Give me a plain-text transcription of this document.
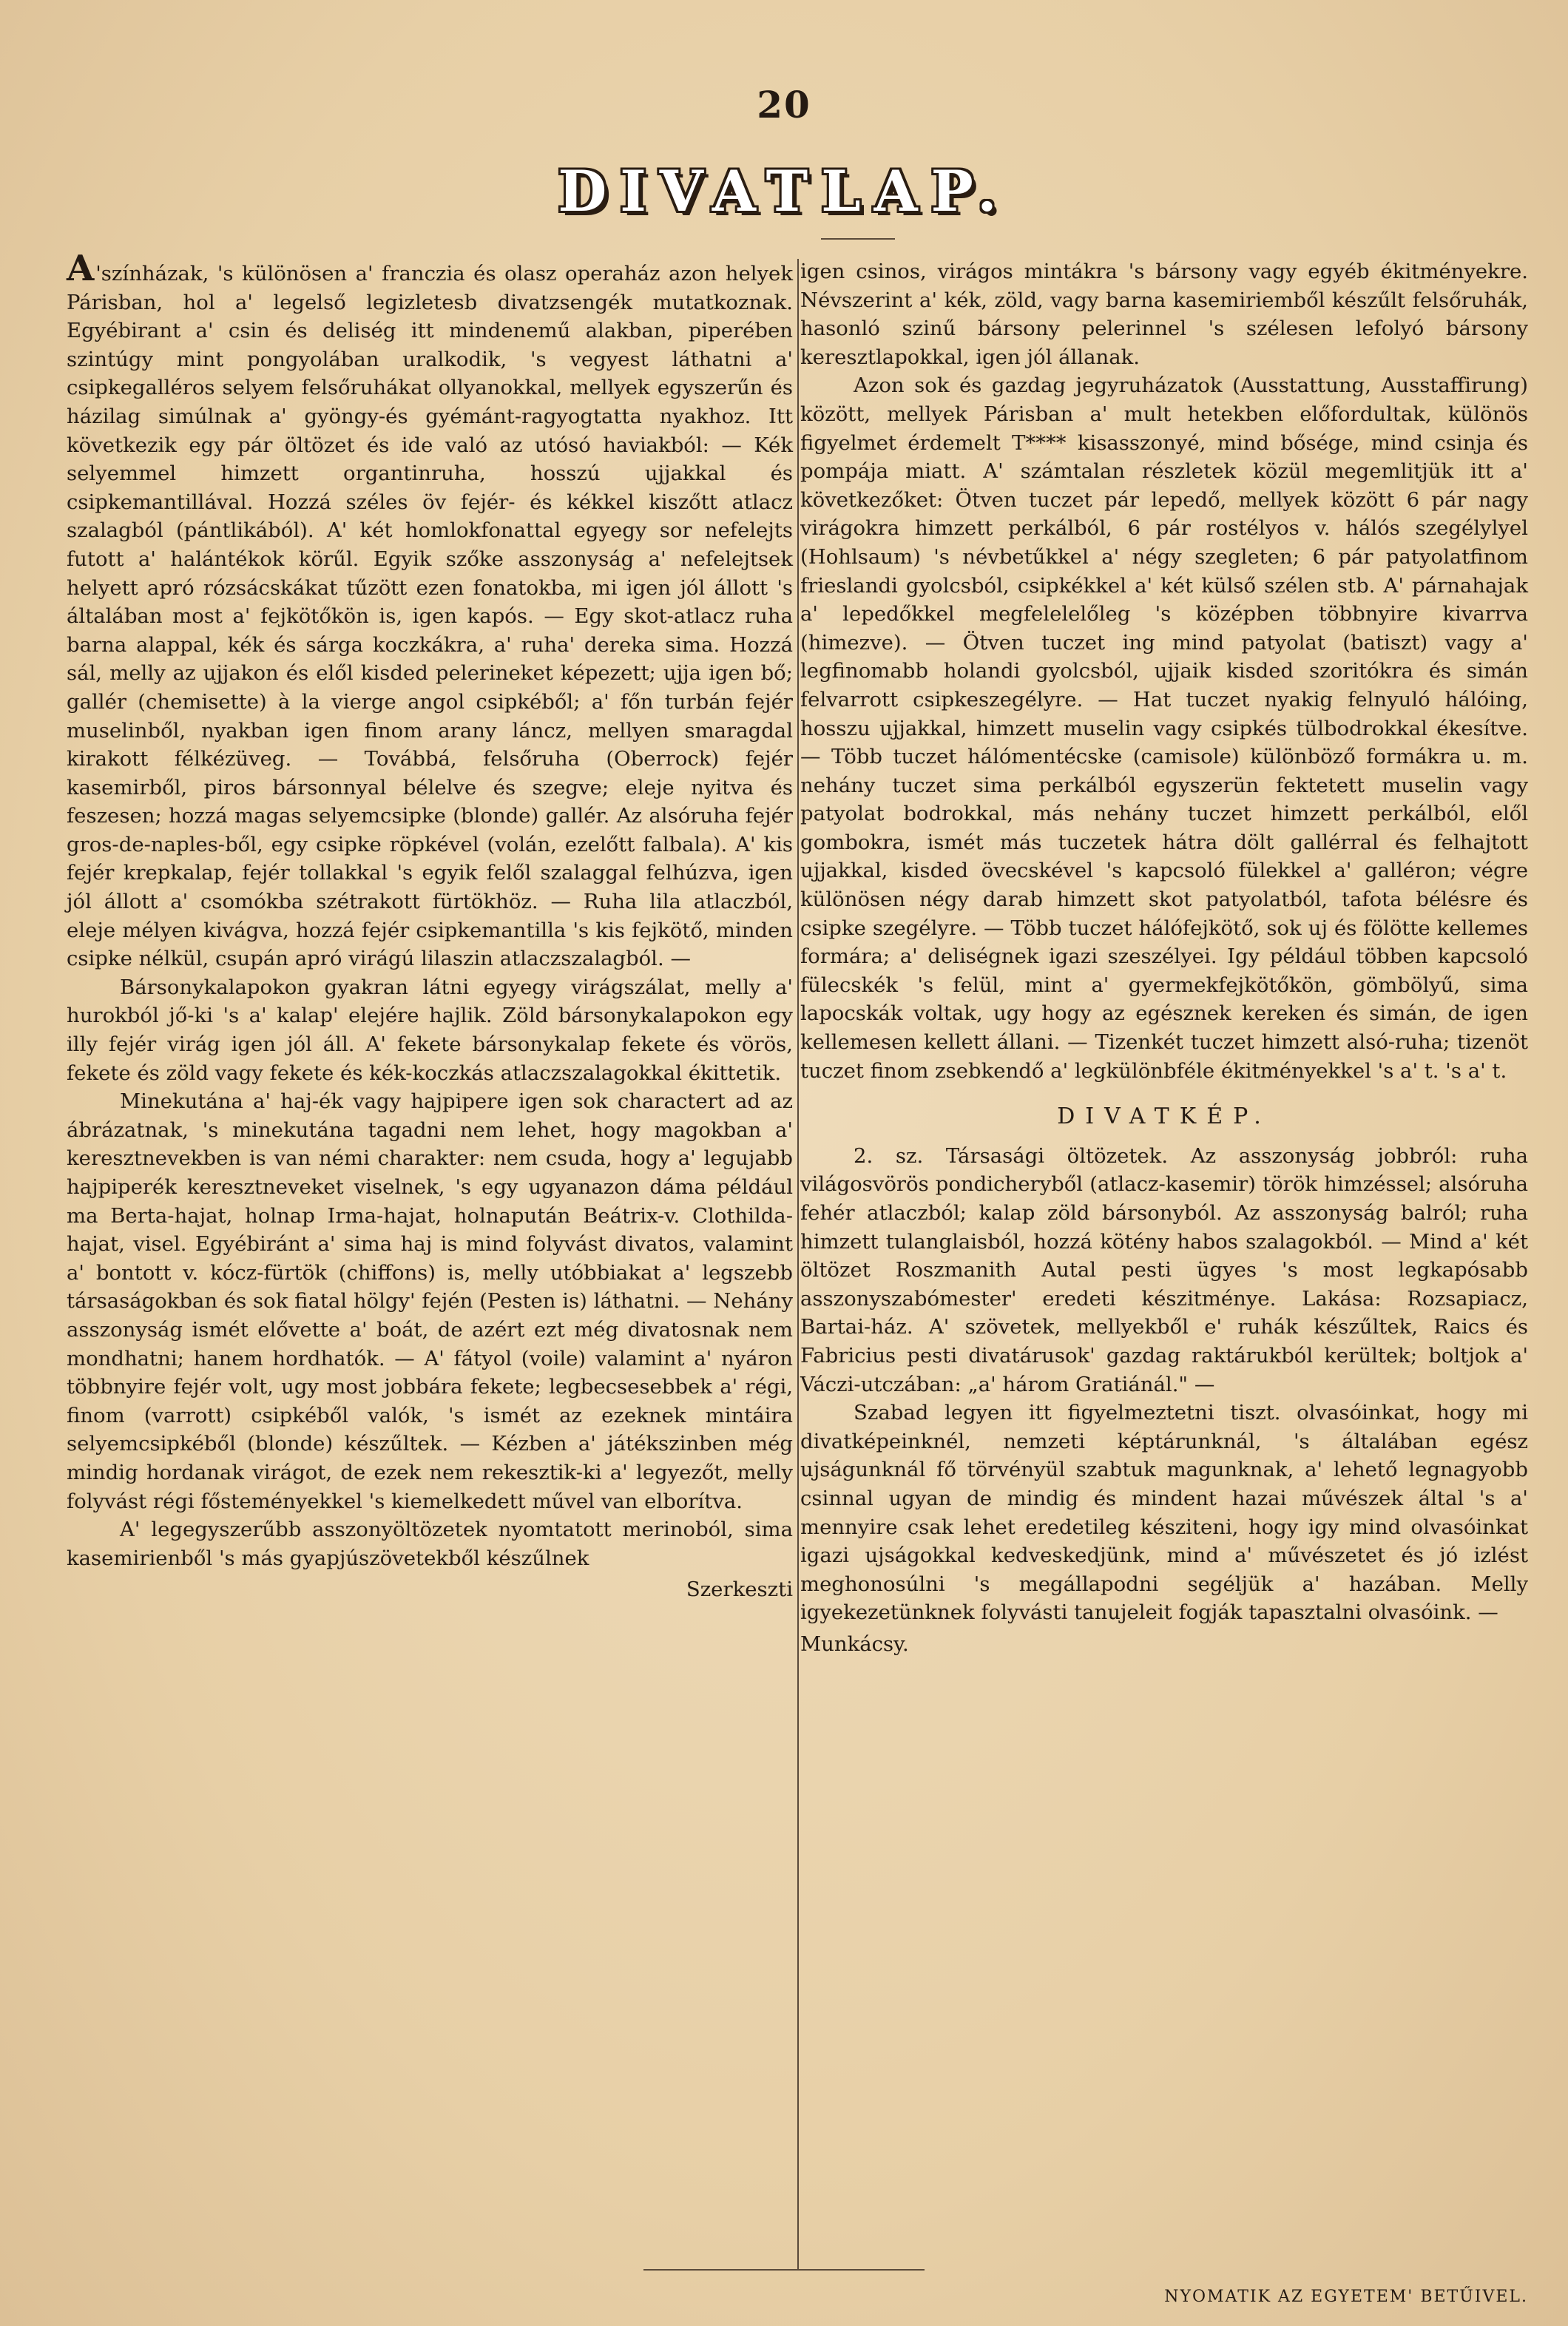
20
DIVATLAP.

A'színházak, 's különösen a' franczia és olasz operaház azon helyek Párisban, hol a' legelső legizletesb divatzsengék mutatkoznak. Egyébirant a' csin és deliség itt mindenemű alakban, piperében szintúgy mint pongyolában uralkodik, 's vegyest láthatni a' csipkegalléros selyem felsőruhákat ollyanokkal, mellyek egyszerűn és házilag simúlnak a' gyöngy-és gyémánt-ragyogtatta nyakhoz. Itt következik egy pár öltözet és ide való az utósó haviakból: — Kék selyemmel himzett organtinruha, hosszú ujjakkal és csipkemantillával. Hozzá széles öv fejér- és kékkel kiszőtt atlacz szalagból (pántlikából). A' két homlokfonattal egyegy sor nefelejts futott a' halántékok körűl. Egyik szőke asszonyság a' nefelejtsek helyett apró rózsácskákat tűzött ezen fonatokba, mi igen jól állott 's általában most a' fejkötőkön is, igen kapós. — Egy skot-atlacz ruha barna alappal, kék és sárga koczkákra, a' ruha' dereka sima. Hozzá sál, melly az ujjakon és elől kisded pelerineket képezett; ujja igen bő; gallér (chemisette) à la vierge angol csipkéből; a' főn turbán fejér muselinből, nyakban igen finom arany láncz, mellyen smaragdal kirakott félkézüveg. — Továbbá, felsőruha (Oberrock) fejér kasemirből, piros bársonnyal bélelve és szegve; eleje nyitva és feszesen; hozzá magas selyemcsipke (blonde) gallér. Az alsóruha fejér gros-de-naples-ből, egy csipke röpkével (volán, ezelőtt falbala). A' kis fejér krepkalap, fejér tollakkal 's egyik felől szalaggal felhúzva, igen jól állott a' csomókba szétrakott fürtökhöz. — Ruha lila atlaczból, eleje mélyen kivágva, hozzá fejér csipkemantilla 's kis fejkötő, minden csipke nélkül, csupán apró virágú lilaszin atlaczszalagból. —

Bársonykalapokon gyakran látni egyegy virágszálat, melly a' hurokból jő-ki 's a' kalap' elejére hajlik. Zöld bársonykalapokon egy illy fejér virág igen jól áll. A' fekete bársonykalap fekete és vörös, fekete és zöld vagy fekete és kék-koczkás atlaczszalagokkal ékittetik.

Minekutána a' haj-ék vagy hajpipere igen sok charactert ad az ábrázatnak, 's minekutána tagadni nem lehet, hogy magokban a' keresztnevekben is van némi charakter: nem csuda, hogy a' legujabb hajpiperék keresztneveket viselnek, 's egy ugyanazon dáma például ma Berta-hajat, holnap Irma-hajat, holnapután Beátrix-v. Clothilda-hajat, visel. Egyébiránt a' sima haj is mind folyvást divatos, valamint a' bontott v. kócz-fürtök (chiffons) is, melly utóbbiakat a' legszebb társaságokban és sok fiatal hölgy' fején (Pesten is) láthatni. — Nehány asszonyság ismét elővette a' boát, de azért ezt még divatosnak nem mondhatni; hanem hordhatók. — A' fátyol (voile) valamint a' nyáron többnyire fejér volt, ugy most jobbára fekete; legbecsesebbek a' régi, finom (varrott) csipkéből valók, 's ismét az ezeknek mintáira selyemcsipkéből (blonde) készűltek. — Kézben a' játékszinben még mindig hordanak virágot, de ezek nem rekesztik-ki a' legyezőt, melly folyvást régi fősteményekkel 's kiemelkedett művel van elborítva.

A' legegyszerűbb asszonyöltözetek nyomtatott merinoból, sima kasemirienből 's más gyapjúszövetekből készűlnek

Szerkeszti

igen csinos, virágos mintákra 's bársony vagy egyéb ékitményekre. Névszerint a' kék, zöld, vagy barna kasemiriemből készűlt felsőruhák, hasonló szinű bársony pelerinnel 's szélesen lefolyó bársony keresztlapokkal, igen jól állanak.

Azon sok és gazdag jegyruházatok (Ausstattung, Ausstaffirung) között, mellyek Párisban a' mult hetekben előfordultak, különös figyelmet érdemelt T**** kisasszonyé, mind bősége, mind csinja és pompája miatt. A' számtalan részletek közül megemlitjük itt a' következőket: Ötven tuczet pár lepedő, mellyek között 6 pár nagy virágokra himzett perkálból, 6 pár rostélyos v. hálós szegélylyel (Hohlsaum) 's névbetűkkel a' négy szegleten; 6 pár patyolatfinom frieslandi gyolcsból, csipkékkel a' két külső szélen stb. A' párnahajak a' lepedőkkel megfelelelőleg 's középben többnyire kivarrva (himezve). — Ötven tuczet ing mind patyolat (batiszt) vagy a' legfinomabb holandi gyolcsból, ujjaik kisded szoritókra és simán felvarrott csipkeszegélyre. — Hat tuczet nyakig felnyuló hálóing, hosszu ujjakkal, himzett muselin vagy csipkés tülbodrokkal ékesítve. — Több tuczet hálómentécske (camisole) különböző formákra u. m. nehány tuczet sima perkálból egyszerün fektetett muselin vagy patyolat bodrokkal, más nehány tuczet himzett perkálból, elől gombokra, ismét más tuczetek hátra dölt gallérral és felhajtott ujjakkal, kisded övecskével 's kapcsoló fülekkel a' galléron; végre különösen négy darab himzett skot patyolatból, tafota bélésre és csipke szegélyre. — Több tuczet hálófejkötő, sok uj és fölötte kellemes formára; a' deliségnek igazi szeszélyei. Igy például többen kapcsoló fülecskék 's felül, mint a' gyermekfejkötőkön, gömbölyű, sima lapocskák voltak, ugy hogy az egésznek kereken és simán, de igen kellemesen kellett állani. — Tizenkét tuczet himzett alsó-ruha; tizenöt tuczet finom zsebkendő a' legkülönbféle ékitményekkel 's a' t. 's a' t.

DIVATKÉP.

2. sz. Társasági öltözetek. Az asszonyság jobbról: ruha világosvörös pondicheryből (atlacz-kasemir) török himzéssel; alsóruha fehér atlaczból; kalap zöld bársonyból. Az asszonyság balról; ruha himzett tulanglaisból, hozzá kötény habos szalagokból. — Mind a' két öltözet Roszmanith Autal pesti ügyes 's most legkapósabb asszonyszabómester' eredeti készitménye. Lakása: Rozsapiacz, Bartai-ház. A' szövetek, mellyekből e' ruhák készűltek, Raics és Fabricius pesti divatárusok' gazdag raktárukból kerültek; boltjok a' Váczi-utczában: „a' három Gratiánál." —

Szabad legyen itt figyelmeztetni tiszt. olvasóinkat, hogy mi divatképeinknél, nemzeti képtárunknál, 's általában egész ujságunknál fő törvényül szabtuk magunknak, a' lehető legnagyobb csinnal ugyan de mindig és mindent hazai művészek által 's a' mennyire csak lehet eredetileg késziteni, hogy igy mind olvasóinkat igazi ujságokkal kedveskedjünk, mind a' művészetet és jó izlést meghonosúlni 's megállapodni segéljük a' hazában. Melly igyekezetünknek folyvásti tanujeleit fogják tapasztalni olvasóink. —

Munkácsy.
NYOMATIK AZ EGYETEM' BETŰIVEL.
